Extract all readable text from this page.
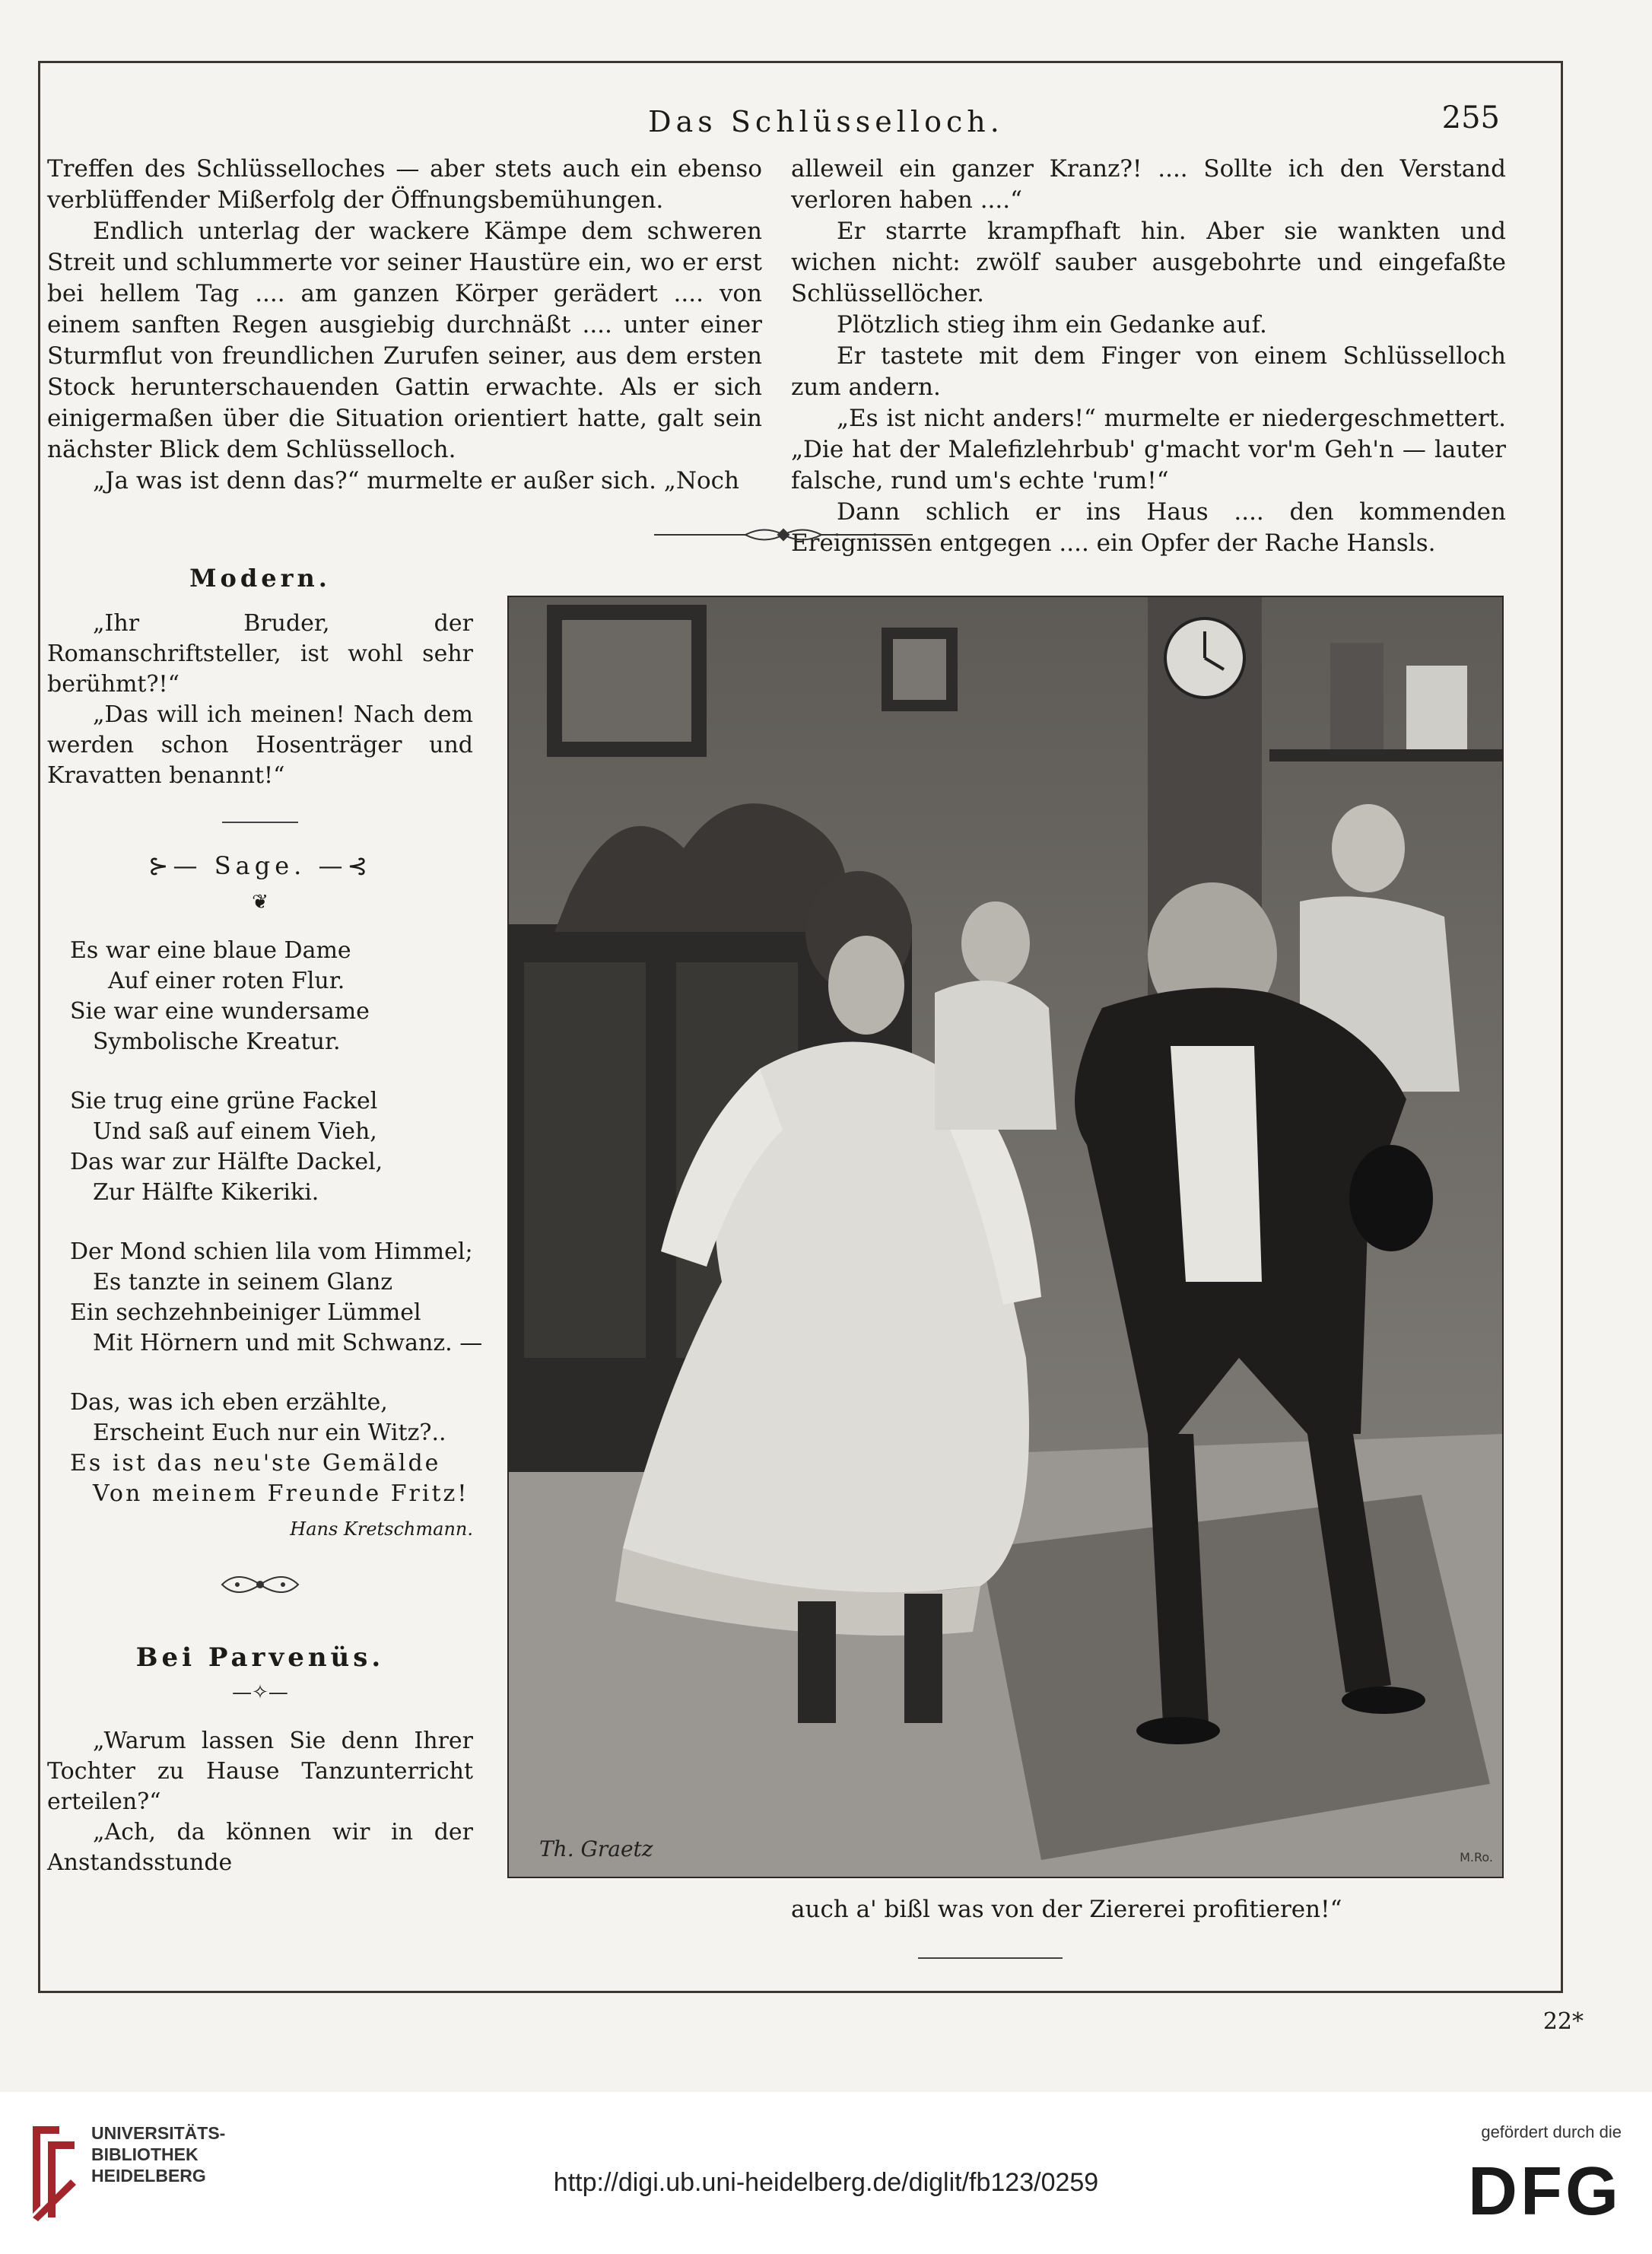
Das Schlüsselloch.	255

Treffen des Schlüsselloches — aber stets auch ein ebenso verblüffender Mißerfolg der Öffnungsbemühungen.

Endlich unterlag der wackere Kämpe dem schweren Streit und schlummerte vor seiner Haustüre ein, wo er erst bei hellem Tag .... am ganzen Körper gerädert .... von einem sanften Regen ausgiebig durchnäßt .... unter einer Sturmflut von freundlichen Zurufen seiner, aus dem ersten Stock herunterschauenden Gattin erwachte. Als er sich einigermaßen über die Situation orientiert hatte, galt sein nächster Blick dem Schlüsselloch.

„Ja was ist denn das?“ murmelte er außer sich. „Noch

alleweil ein ganzer Kranz?! .... Sollte ich den Verstand verloren haben ....“

Er starrte krampfhaft hin. Aber sie wankten und wichen nicht: zwölf sauber ausgebohrte und eingefaßte Schlüssellöcher.

Plötzlich stieg ihm ein Gedanke auf.

Er tastete mit dem Finger von einem Schlüsselloch zum andern.

„Es ist nicht anders!“ murmelte er niedergeschmettert. „Die hat der Malefizlehrbub' g'macht vor'm Geh'n — lauter falsche, rund um's echte 'rum!“

Dann schlich er ins Haus .... den kommenden Ereignissen entgegen .... ein Opfer der Rache Hansls.

Modern.
„Ihr Bruder, der Romanschriftsteller, ist wohl sehr berühmt?!“
„Das will ich meinen! Nach dem werden schon Hosenträger und Kravatten benannt!“
⊱— Sage. —⊰
❦
Es war eine blaue Dame
Auf einer roten Flur.
Sie war eine wundersame
Symbolische Kreatur.
Sie trug eine grüne Fackel
Und saß auf einem Vieh,
Das war zur Hälfte Dackel,
Zur Hälfte Kikeriki.
Der Mond schien lila vom Himmel;
Es tanzte in seinem Glanz
Ein sechzehnbeiniger Lümmel
Mit Hörnern und mit Schwanz. —
Das, was ich eben erzählte,
Erscheint Euch nur ein Witz?..
Es ist das neu'ste Gemälde
Von meinem Freunde Fritz!
Hans Kretschmann.
Bei Parvenüs.
—✧—
„Warum lassen Sie denn Ihrer Tochter zu Hause Tanzunterricht erteilen?“
„Ach, da können wir in der Anstandsstunde
Th. Graetz	M.Ro.
auch a' bißl was von der Ziererei profitieren!“
22*
UNIVERSITÄTS-
BIBLIOTHEK
HEIDELBERG	http://digi.ub.uni-heidelberg.de/diglit/fb123/0259
gefördert durch die
DFG
